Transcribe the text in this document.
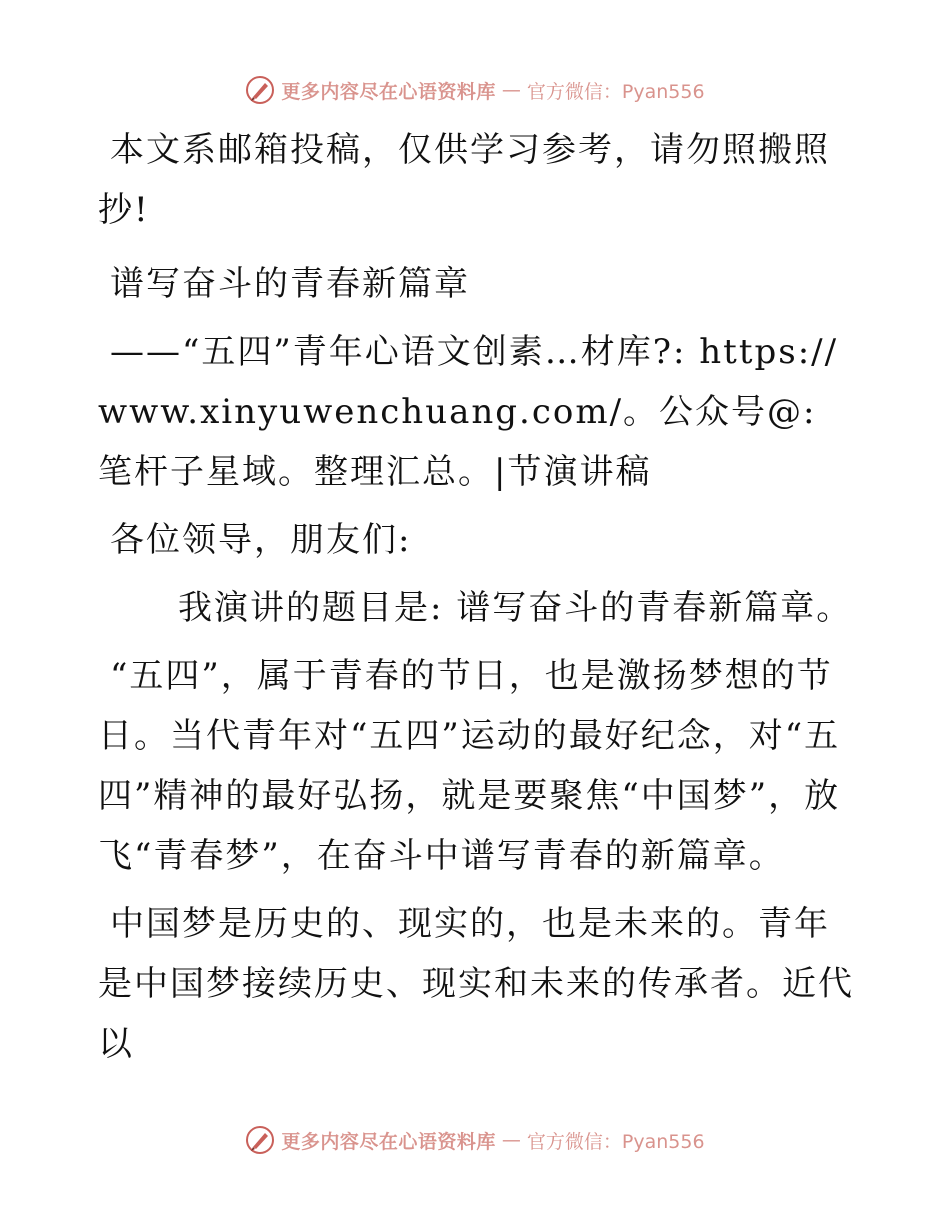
更多内容尽在心语资料库 — 官方微信：Pyan556

本文系邮箱投稿，仅供学习参考，请勿照搬照抄!

谱写奋斗的青春新篇章

——“五四”青年心语文创素…材库?: https://www.xinyuwenchuang.com/。公众号@: 笔杆子星域。整理汇总。|节演讲稿

各位领导，朋友们:

我演讲的题目是: 谱写奋斗的青春新篇章。

“五四”，属于青春的节日，也是激扬梦想的节日。当代青年对“五四”运动的最好纪念，对“五四”精神的最好弘扬，就是要聚焦“中国梦”，放飞“青春梦”，在奋斗中谱写青春的新篇章。

中国梦是历史的、现实的，也是未来的。青年是中国梦接续历史、现实和未来的传承者。近代以

更多内容尽在心语资料库 — 官方微信：Pyan556
